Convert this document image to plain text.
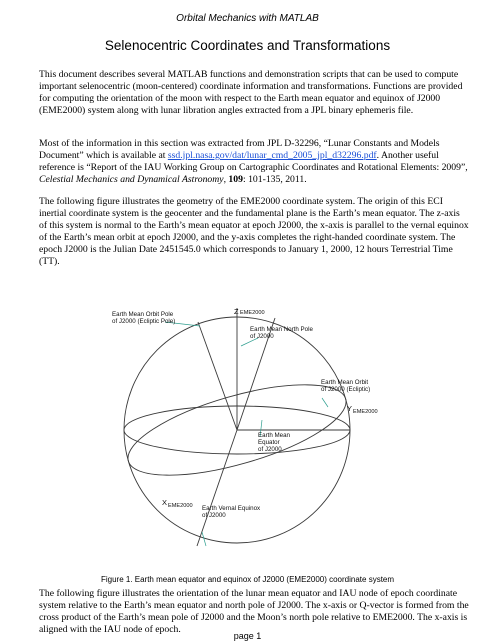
Orbital Mechanics with MATLAB
Selenocentric Coordinates and Transformations

This document describes several MATLAB functions and demonstration scripts that can be used to compute important selenocentric (moon-centered) coordinate information and transformations. Functions are provided for computing the orientation of the moon with respect to the Earth mean equator and equinox of J2000 (EME2000) system along with lunar libration angles extracted from a JPL binary ephemeris file.

Most of the information in this section was extracted from JPL D-32296, “Lunar Constants and Models Document” which is available at ssd.jpl.nasa.gov/dat/lunar_cmd_2005_jpl_d32296.pdf. Another useful reference is “Report of the IAU Working Group on Cartographic Coordinates and Rotational Elements: 2009”, Celestial Mechanics and Dynamical Astronomy, 109: 101-135, 2011.

The following figure illustrates the geometry of the EME2000 coordinate system. The origin of this ECI inertial coordinate system is the geocenter and the fundamental plane is the Earth’s mean equator. The z-axis of this system is normal to the Earth’s mean equator at epoch J2000, the x-axis is parallel to the vernal equinox of the Earth’s mean orbit at epoch J2000, and the y-axis completes the right-handed coordinate system. The epoch J2000 is the Julian Date 2451545.0 which corresponds to January 1, 2000, 12 hours Terrestrial Time (TT).

Earth Mean Orbit Pole
of J2000 (Ecliptic Pole)
Z EME2000
Earth Mean North Pole
of J2000
Earth Mean Orbit
of J2000 (Ecliptic)
Y EME2000
Earth Mean
Equator
of J2000
X EME2000 Earth Vernal Equinox
of J2000
Figure 1. Earth mean equator and equinox of J2000 (EME2000) coordinate system

The following figure illustrates the orientation of the lunar mean equator and IAU node of epoch coordinate system relative to the Earth’s mean equator and north pole of J2000. The x-axis or Q-vector is formed from the cross product of the Earth’s mean pole of J2000 and the Moon’s north pole relative to EME2000. The x-axis is aligned with the IAU node of epoch.

page 1
